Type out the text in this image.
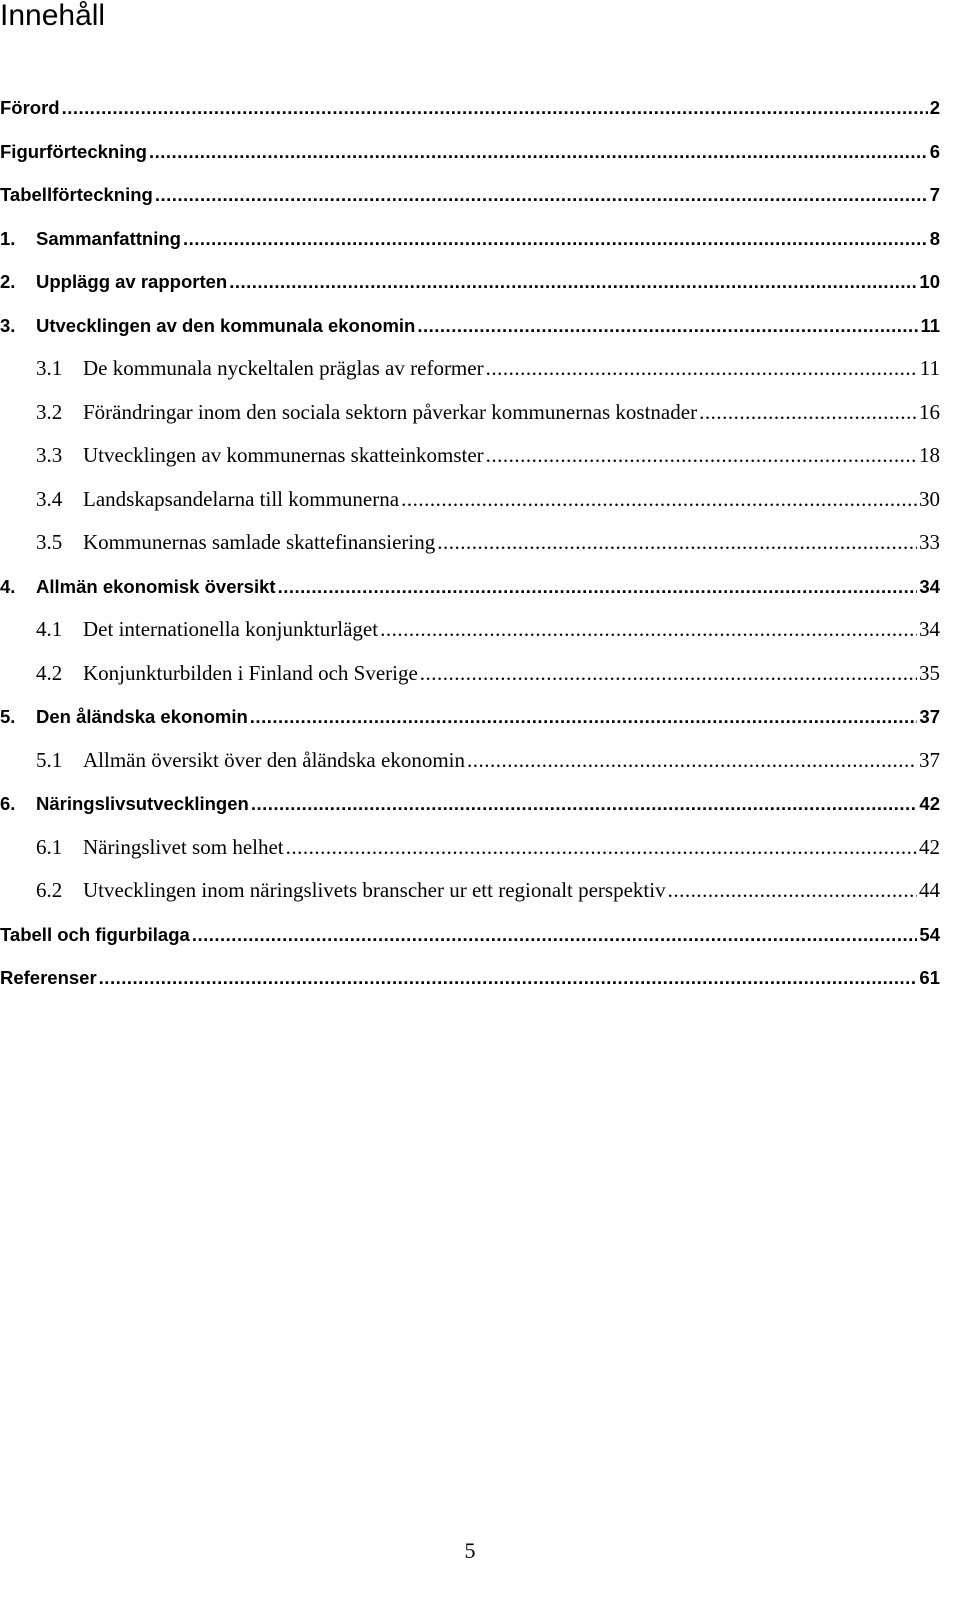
Innehåll
Förord .....	2
Figurförteckning .....	6
Tabellförteckning .....	7
1.	Sammanfattning .....	8
2.	Upplägg av rapporten .....	10
3.	Utvecklingen av den kommunala ekonomin .....	11
3.1 De kommunala nyckeltalen präglas av reformer .....	11
3.2 Förändringar inom den sociala sektorn påverkar kommunernas kostnader .....	16
3.3 Utvecklingen av kommunernas skatteinkomster .....	18
3.4 Landskapsandelarna till kommunerna .....	30
3.5 Kommunernas samlade skattefinansiering .....	33
4.	Allmän ekonomisk översikt .....	34
4.1 Det internationella konjunkturläget .....	34
4.2 Konjunkturbilden i Finland och Sverige .....	35
5.	Den åländska ekonomin .....	37
5.1 Allmän översikt över den åländska ekonomin .....	37
6.	Näringslivsutvecklingen .....	42
6.1 Näringslivet som helhet .....	42
6.2 Utvecklingen inom näringslivets branscher ur ett regionalt perspektiv .....	44
Tabell och figurbilaga .....	54
Referenser .....	61
5
